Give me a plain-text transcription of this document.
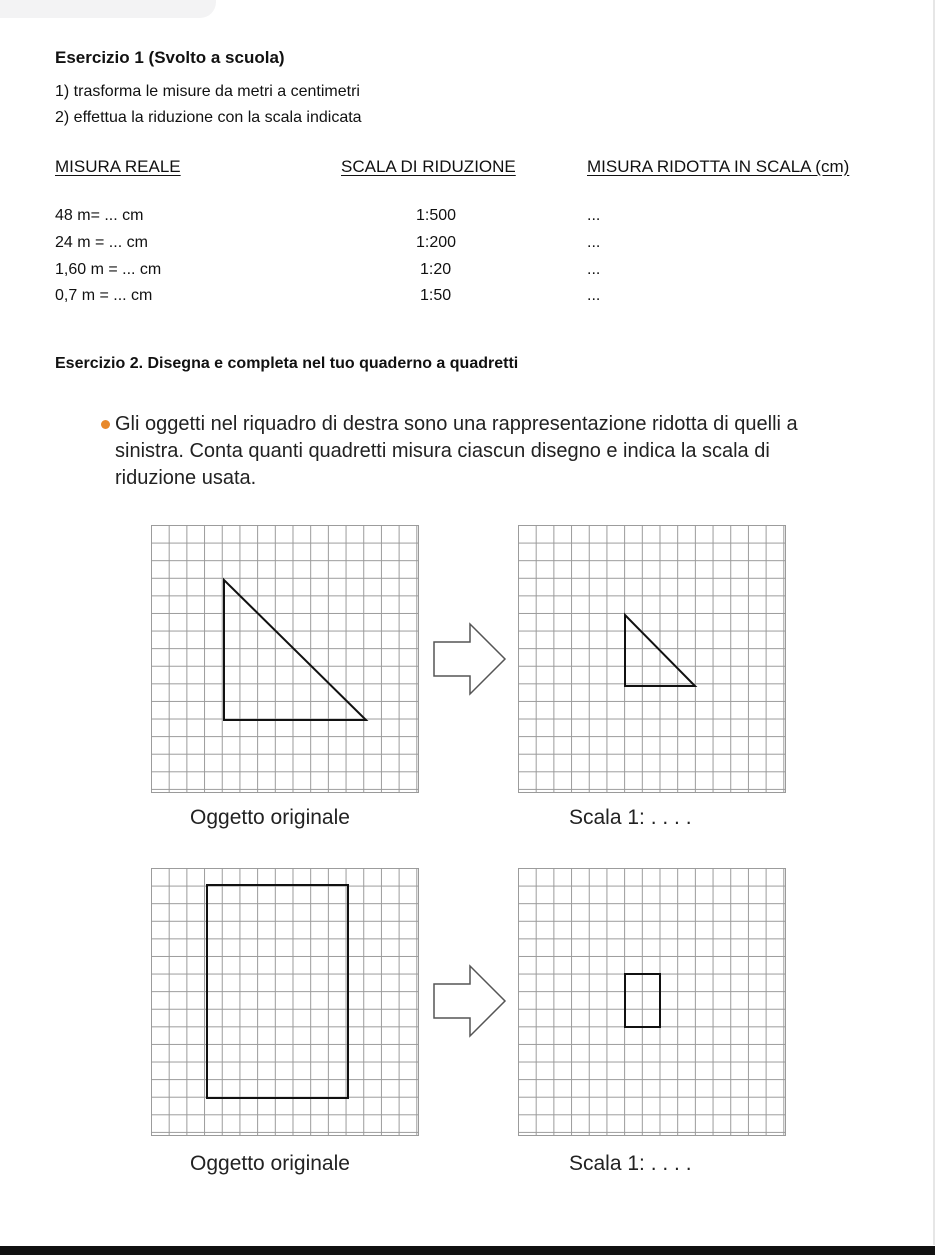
Esercizio 1 (Svolto a scuola)
1) trasforma le misure da metri a centimetri
2) effettua la riduzione con la scala indicata
MISURA REALE	SCALA DI RIDUZIONE	MISURA RIDOTTA IN SCALA (cm)
48 m= ... cm	1:500	...
24 m = ... cm	1:200	...
1,60 m = ... cm	1:20	...
0,7 m = ... cm	1:50	...
Esercizio 2. Disegna e completa nel tuo quaderno a quadretti
Gli oggetti nel riquadro di destra sono una rappresentazione ridotta di quelli a sinistra. Conta quanti quadretti misura ciascun disegno e indica la scala di riduzione usata.
Oggetto originale	Scala 1: . . . .
Oggetto originale	Scala 1: . . . .
